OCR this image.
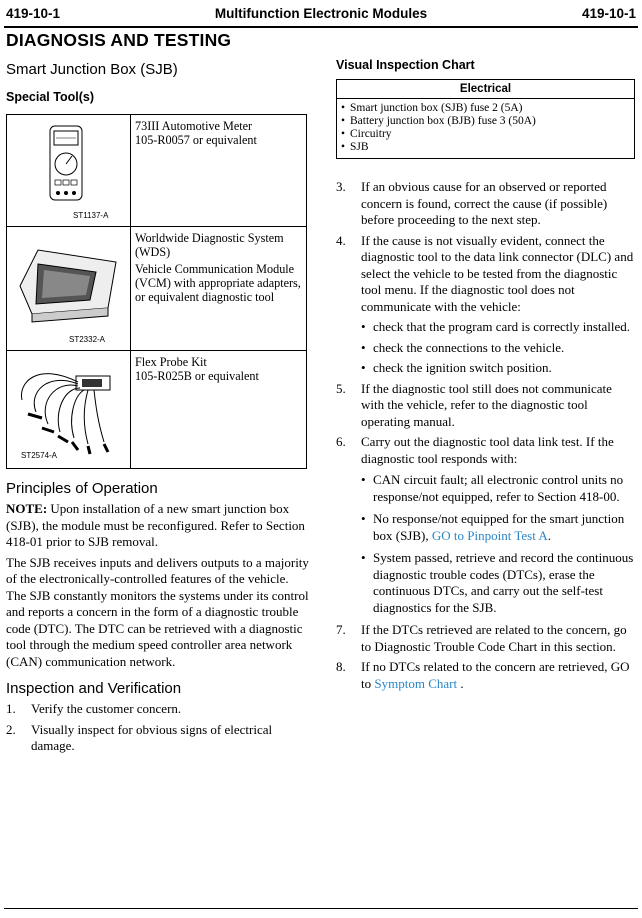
419-10-1	Multifunction Electronic Modules	419-10-1
DIAGNOSIS AND TESTING
Smart Junction Box (SJB)
Special Tool(s)
ST1137-A	73III Automotive Meter
105-R0057 or equivalent

ST2332-A	Worldwide Diagnostic System (WDS)
Vehicle Communication Module (VCM) with appropriate adapters, or equivalent diagnostic tool

ST2574-A	Flex Probe Kit
105-R025B or equivalent
Principles of Operation

NOTE: Upon installation of a new smart junction box (SJB), the module must be reconfigured. Refer to Section 418-01 prior to SJB removal.

The SJB receives inputs and delivers outputs to a majority of the electronically-controlled features of the vehicle. The SJB constantly monitors the systems under its control and reports a concern in the form of a diagnostic trouble code (DTC). The DTC can be retrieved with a diagnostic tool through the medium speed controller area network (CAN) communication network.

Inspection and Verification
1. Verify the customer concern.
2. Visually inspect for obvious signs of electrical damage.
Visual Inspection Chart
Electrical

• Smart junction box (SJB) fuse 2 (5A)
• Battery junction box (BJB) fuse 3 (50A)
• Circuitry
• SJB
3. If an obvious cause for an observed or reported concern is found, correct the cause (if possible) before proceeding to the next step.
4. If the cause is not visually evident, connect the diagnostic tool to the data link connector (DLC) and select the vehicle to be tested from the diagnostic tool menu. If the diagnostic tool does not communicate with the vehicle:
• check that the program card is correctly installed.
• check the connections to the vehicle.
• check the ignition switch position.
5. If the diagnostic tool still does not communicate with the vehicle, refer to the diagnostic tool operating manual.
6. Carry out the diagnostic tool data link test. If the diagnostic tool responds with:
• CAN circuit fault; all electronic control units no response/not equipped, refer to Section 418-00.
• No response/not equipped for the smart junction box (SJB), GO to Pinpoint Test A.
• System passed, retrieve and record the continuous diagnostic trouble codes (DTCs), erase the continuous DTCs, and carry out the self-test diagnostics for the SJB.
7. If the DTCs retrieved are related to the concern, go to Diagnostic Trouble Code Chart in this section.
8. If no DTCs related to the concern are retrieved, GO to Symptom Chart .
